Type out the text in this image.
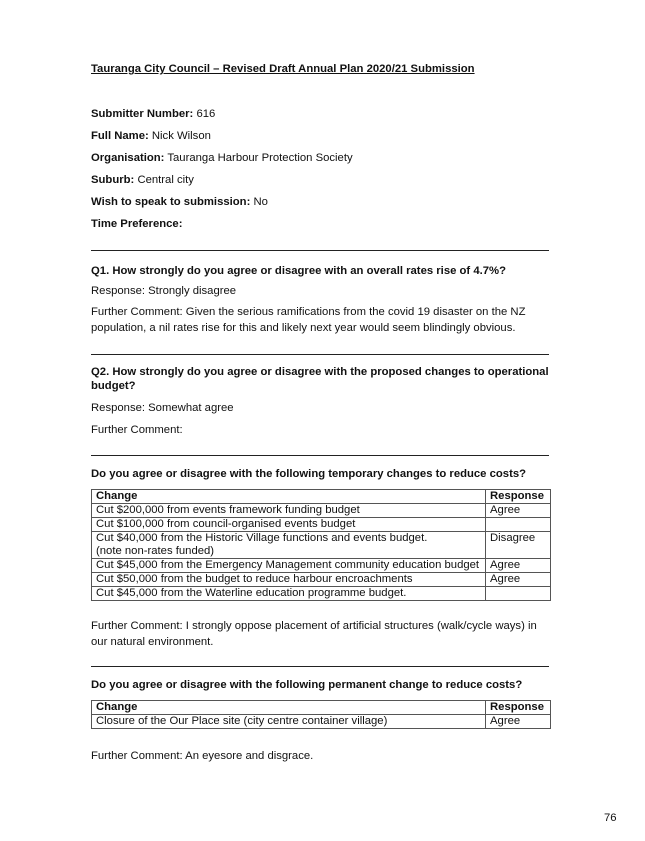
Tauranga City Council – Revised Draft Annual Plan 2020/21 Submission
Submitter Number: 616
Full Name: Nick Wilson
Organisation: Tauranga Harbour Protection Society
Suburb: Central city
Wish to speak to submission: No
Time Preference:
Q1. How strongly do you agree or disagree with an overall rates rise of 4.7%?
Response: Strongly disagree
Further Comment: Given the serious ramifications from the covid 19 disaster on the NZ population, a nil rates rise for this and likely next year would seem blindingly obvious.
Q2. How strongly do you agree or disagree with the proposed changes to operational budget?
Response: Somewhat agree
Further Comment:
Do you agree or disagree with the following temporary changes to reduce costs?
Change	Response
Cut $200,000 from events framework funding budget	Agree
Cut $100,000 from council-organised events budget	

Cut $40,000 from the Historic Village functions and events budget.
(note non-rates funded)	Disagree
Cut $45,000 from the Emergency Management community education budget	Agree
Cut $50,000 from the budget to reduce harbour encroachments	Agree
Cut $45,000 from the Waterline education programme budget.	
Further Comment: I strongly oppose placement of artificial structures (walk/cycle ways) in our natural environment.
Do you agree or disagree with the following permanent change to reduce costs?
Change	Response
Closure of the Our Place site (city centre container village)	Agree
Further Comment: An eyesore and disgrace.
76
